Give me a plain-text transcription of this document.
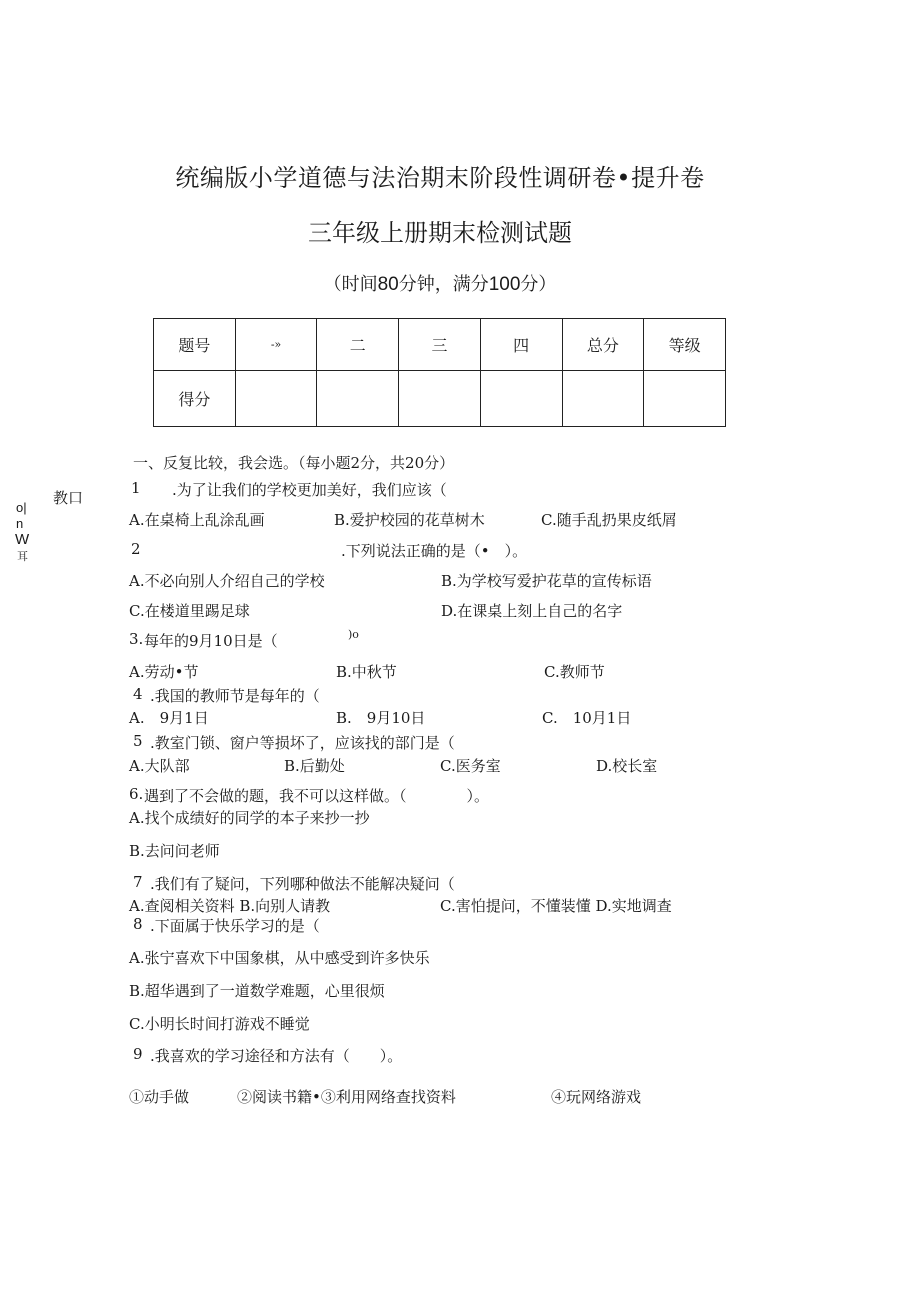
统编版小学道德与法治期末阶段性调研卷•提升卷
三年级上册期末检测试题
（时间80分钟，满分100分）
题号	-»	二	三	四	总分	等级
得分						
教口
o|
n
W
耳
一、反复比较，我会选。（每小题2分，共20分）
1 .为了让我们的学校更加美好，我们应该（
A.在桌椅上乱涂乱画	B.爱护校园的花草树木	C.随手乱扔果皮纸屑
2	.下列说法正确的是（•　）。
A.不必向别人介绍自己的学校	B.为学校写爱护花草的宣传标语
C.在楼道里踢足球	D.在课桌上刻上自己的名字
3. 每年的9月10日是（	)o
A.劳动•节	B.中秋节	C.教师节
4 .我国的教师节是每年的（
A.　9月1日	B.　9月10日	C.　10月1日
5 .教室门锁、窗户等损坏了，应该找的部门是（
A.大队部	B.后勤处	C.医务室	D.校长室
6. 遇到了不会做的题，我不可以这样做。（　　　　）。
A.找个成绩好的同学的本子来抄一抄
B.去问问老师
7 .我们有了疑问，下列哪种做法不能解决疑问（
A.查阅相关资料 B.向别人请教	C.害怕提问，不懂装懂 D.实地调查
8 .下面属于快乐学习的是（
A.张宁喜欢下中国象棋，从中感受到许多快乐
B.超华遇到了一道数学难题，心里很烦
C.小明长时间打游戏不睡觉
9 .我喜欢的学习途径和方法有（　　）。
①动手做	②阅读书籍•③利用网络查找资料	④玩网络游戏
